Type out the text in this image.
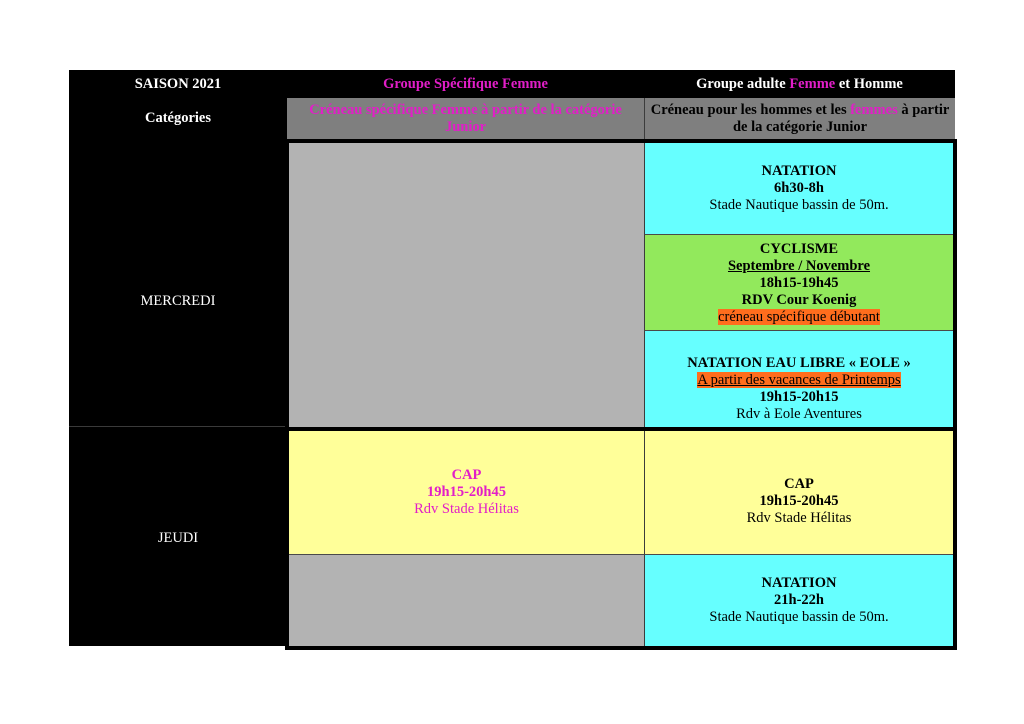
SAISON 2021	Groupe Spécifique Femme	Groupe adulte Femme et Homme
Catégories
Créneau spécifique Femme à partir de la catégorie
Junior
Créneau pour les hommes et les femmes à partir
de la catégorie Junior
MERCREDI
JEUDI
NATATION
6h30-8h
Stade Nautique bassin de 50m.
CYCLISME
Septembre / Novembre
18h15-19h45
RDV Cour Koenig
créneau spécifique débutant
NATATION EAU LIBRE « EOLE »
A partir des vacances de Printemps
19h15-20h15
Rdv à Eole Aventures
CAP
19h15-20h45
Rdv Stade Hélitas
CAP
19h15-20h45
Rdv Stade Hélitas
NATATION
21h-22h
Stade Nautique bassin de 50m.
